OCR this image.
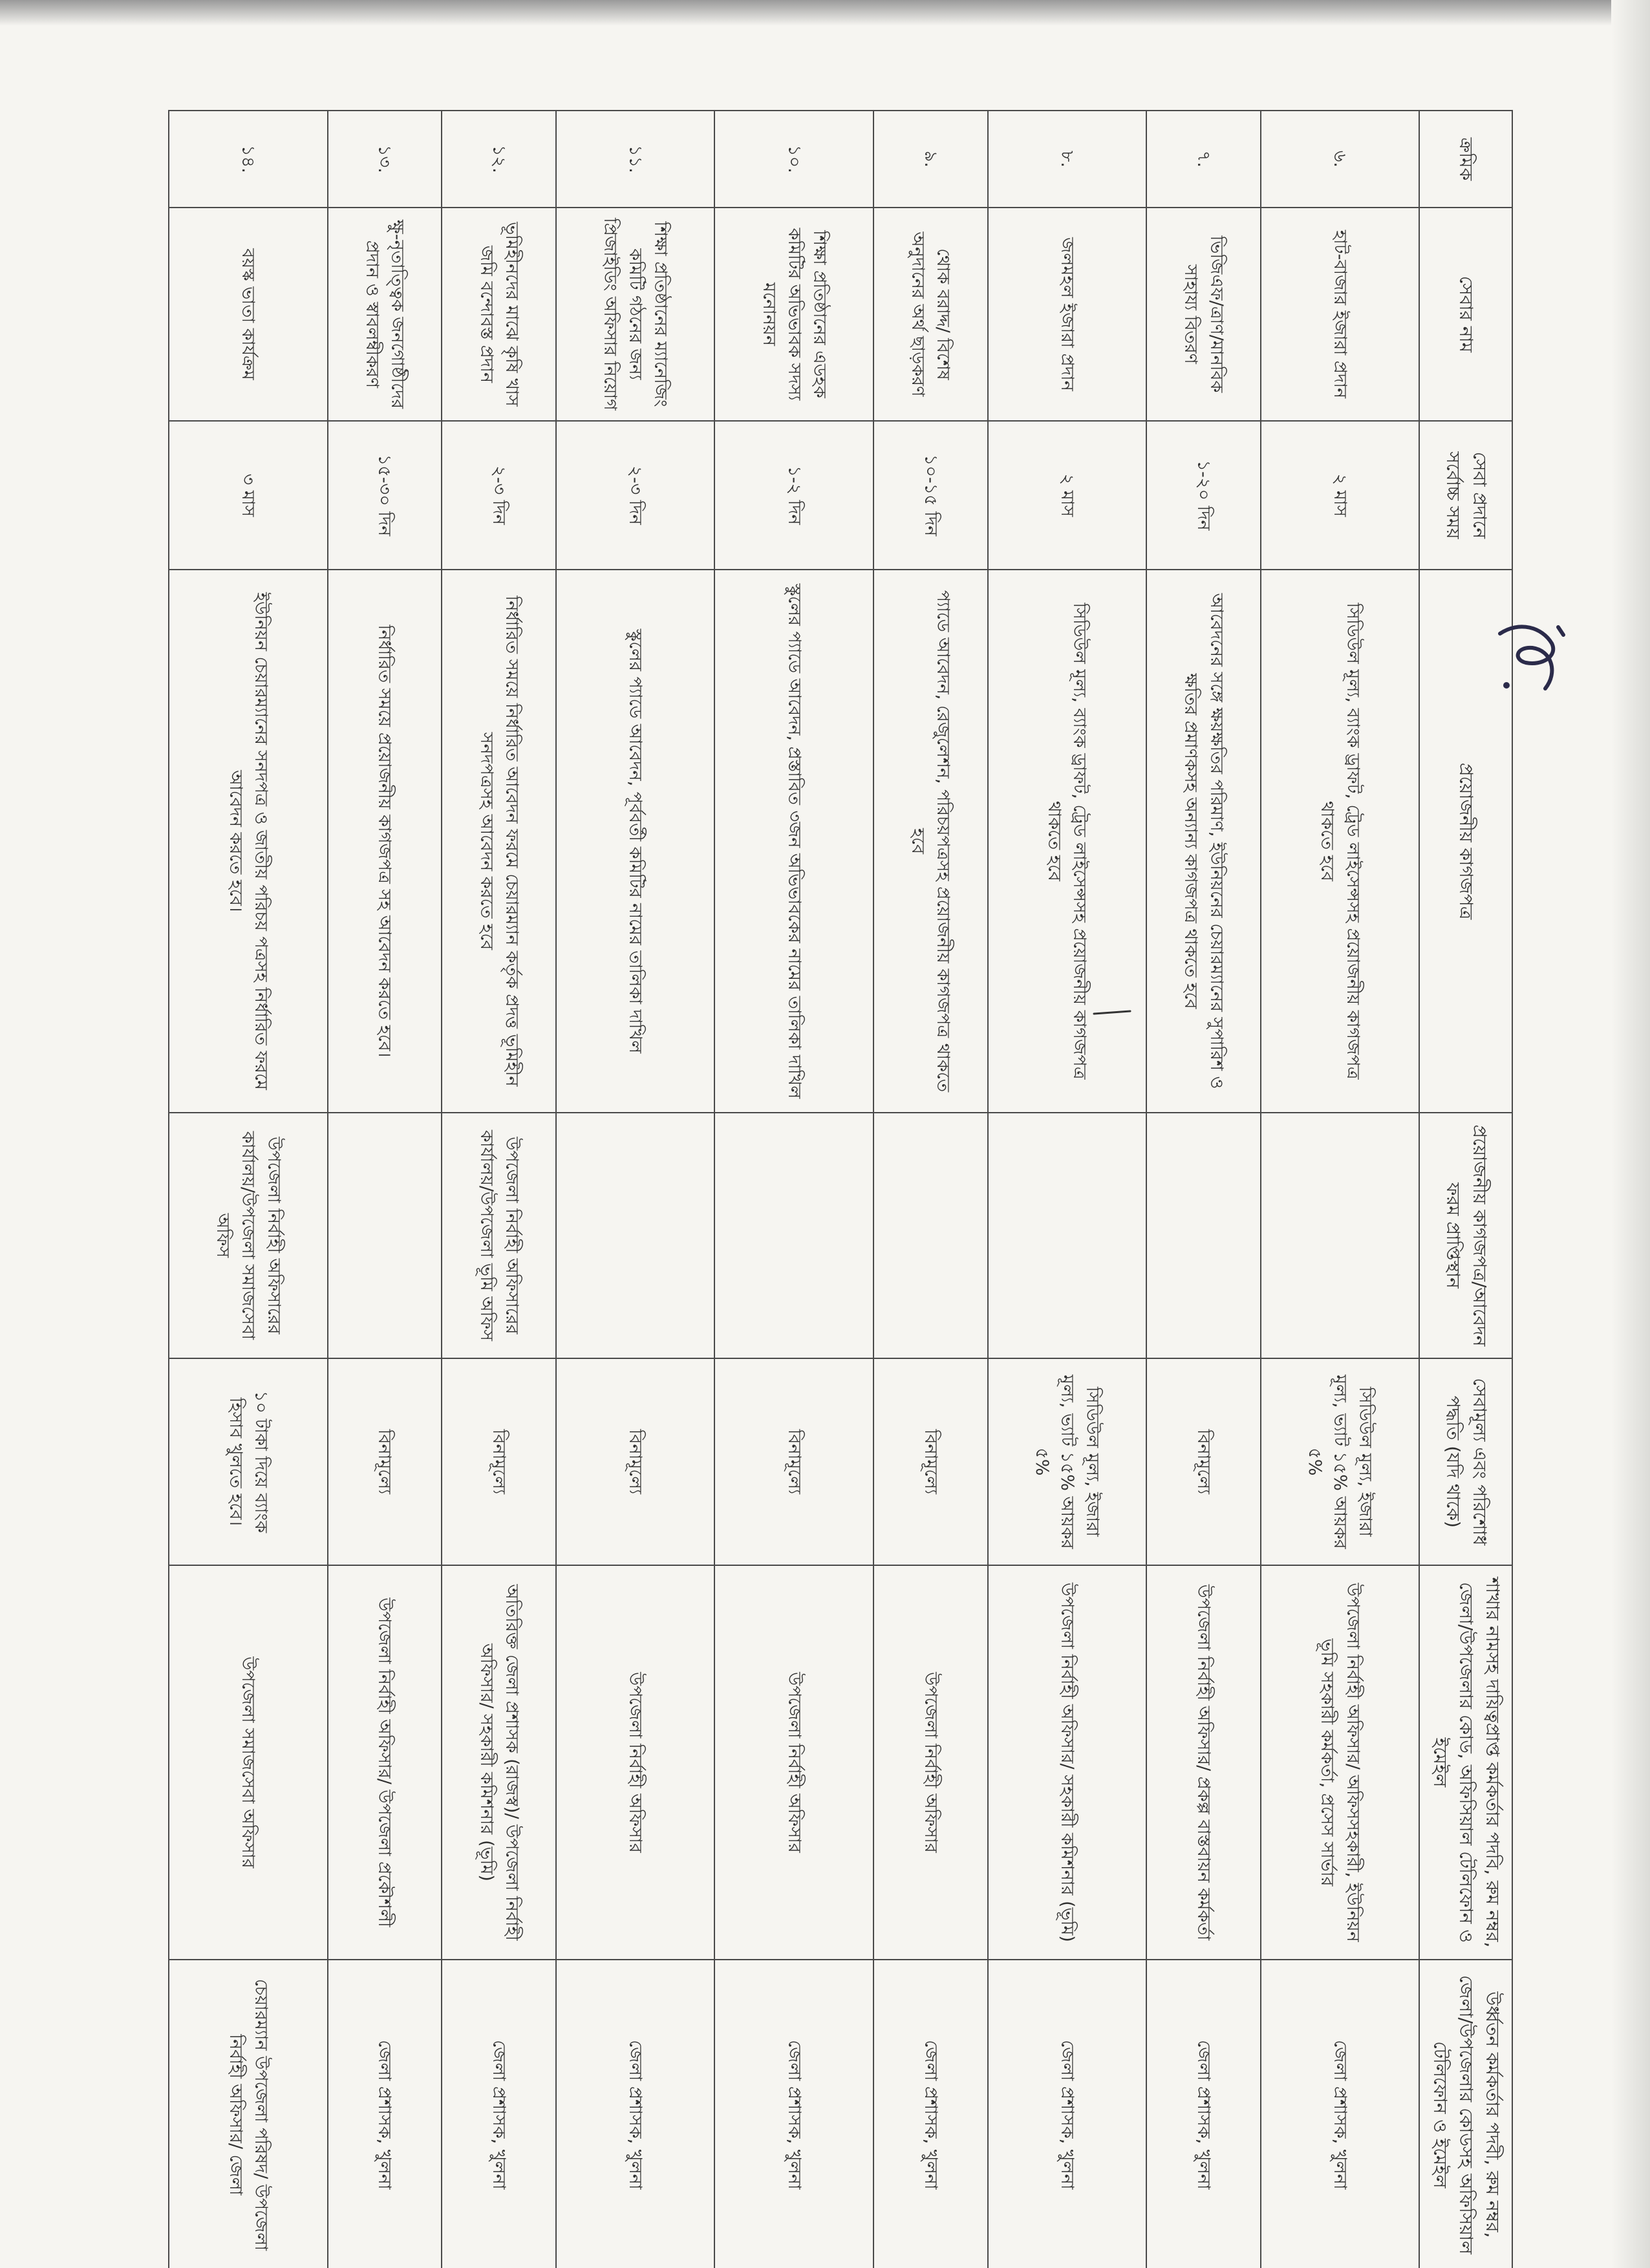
ক্রমিক	সেবার নাম	সেবা প্রদানে সর্বোচ্চ সময়	প্রয়োজনীয় কাগজপত্র	প্রয়োজনীয় কাগজপত্র/আবেদন ফরম প্রাপ্তিস্থান	সেবামূল্য এবং পরিশোধ পদ্ধতি (যদি থাকে)	শাখার নামসহ দায়িত্বপ্রাপ্ত কর্মকর্তার পদবি, রুম নম্বর, জেলা/উপজেলার কোড, অফিসিয়াল টেলিফোন ও ইমেইল	উর্ধ্বতন কর্মকর্তার পদবী, রুম নম্বর, জেলা/উপজেলার কোডসহ অফিসিয়াল টেলিফোন ও ইমেইল
৬.	হাট-বাজার ইজারা প্রদান	২ মাস	সিডিউল মূল্য, ব্যাংক ড্রাফট, ট্রেড লাইসেন্সসহ প্রয়োজনীয় কাগজপত্র থাকতে হবে		সিডিউল মূল্য, ইজারা মূল্য, ভ্যাট ১৫% আয়কর ৫%	উপজেলা নির্বাহী অফিসার/ অফিসসহকারী, ইউনিয়ন ভূমি সহকারী কর্মকর্তা, প্রসেস সার্ভার	জেলা প্রশাসক, খুলনা
৭.	ভিজিএফ/ত্রাণ/মানবিক সাহায্য বিতরণ	১-২০ দিন	আবেদনের সঙ্গে ক্ষয়ক্ষতির পরিমাণ, ইউনিয়নের চেয়ারম্যানের সুপারিশ ও ক্ষতির প্রমাণকসহ অন্যান্য কাগজপত্র থাকতে হবে		বিনামূল্যে	উপজেলা নির্বাহী অফিসার/ প্রকল্প বাস্তবায়ন কর্মকর্তা	জেলা প্রশাসক, খুলনা
৮.	জলমহল ইজারা প্রদান	২ মাস	সিডিউল মূল্য, ব্যাংক ড্রাফট, ট্রেড লাইসেন্সসহ প্রয়োজনীয় কাগজপত্র থাকতে হবে		সিডিউল মূল্য, ইজারা মূল্য, ভ্যাট ১৫% আয়কর ৫%	উপজেলা নির্বাহী অফিসার/ সহকারী কমিশনার (ভূমি)	জেলা প্রশাসক, খুলনা
৯.	থোক বরাদ্দ/ বিশেষ অনুদানের অর্থ ছাড়করণ	১০-১৫ দিন	প্যাডে আবেদন, রেজুলেশন, পরিচয়পত্রসহ প্রয়োজনীয় কাগজপত্র থাকতে হবে		বিনামূল্যে	উপজেলা নির্বাহী অফিসার	জেলা প্রশাসক, খুলনা
১০.	শিক্ষা প্রতিষ্ঠানের এডহক কমিটির অভিভাবক সদস্য মনোনয়ন	১-২ দিন	স্কুলের প্যাডে আবেদন, প্রস্তাবিত ৩জন অভিভাবকের নামের তালিকা দাখিল		বিনামূল্যে	উপজেলা নির্বাহী অফিসার	জেলা প্রশাসক, খুলনা
১১.	শিক্ষা প্রতিষ্ঠানের ম্যানেজিং কমিটি গঠনের জন্য প্রিজাইডিং অফিসার নিয়োগ	২-৩ দিন	স্কুলের প্যাডে আবেদন, পূর্ববর্তী কমিটির নামের তালিকা দাখিল		বিনামূল্যে	উপজেলা নির্বাহী অফিসার	জেলা প্রশাসক, খুলনা
১২.	ভূমিহীনদের মাঝে কৃষি খাস জমি বন্দোবস্ত প্রদান	২-৩ দিন	নির্ধারিত সময়ে নির্ধারিত আবেদন ফরমে চেয়ারম্যান কর্তৃক প্রদত্ত ভূমিহীন সনদপত্রসহ আবেদন করতে হবে	উপজেলা নির্বাহী অফিসারের কার্যালয়/উপজেলা ভূমি অফিস	বিনামূল্যে	অতিরিক্ত জেলা প্রশাসক (রাজস্ব)/ উপজেলা নির্বাহী অফিসার/ সহকারী কমিশনার (ভূমি)	জেলা প্রশাসক, খুলনা
১৩.	ক্ষু-নৃতাত্ত্বিক জনগোষ্ঠীদের প্রদান ও স্বাবলম্বীকরণ	১৫-৩০ দিন	নির্ধারিত সময়ে প্রয়োজনীয় কাগজপত্র সহ আবেদন করতে হবে।		বিনামূল্যে	উপজেলা নির্বাহী অফিসার/ উপজেলা প্রকৌশলী	জেলা প্রশাসক, খুলনা
১৪.	বয়স্ক ভাতা কার্যক্রম	৩ মাস	ইউনিয়ন চেয়ারম্যানের সনদপত্র ও জাতীয় পরিচয় পত্রসহ নির্ধারিত ফরমে আবেদন করতে হবে।	উপজেলা নির্বাহী অফিসারের কার্যালয়/উপজেলা সমাজসেবা অফিস	১০ টাকা দিয়ে ব্যাংক হিসাব খুলতে হবে।	উপজেলা সমাজসেবা অফিসার	চেয়ারম্যান উপজেলা পরিষদ/ উপজেলা নির্বাহী অফিসার/ জেলা
